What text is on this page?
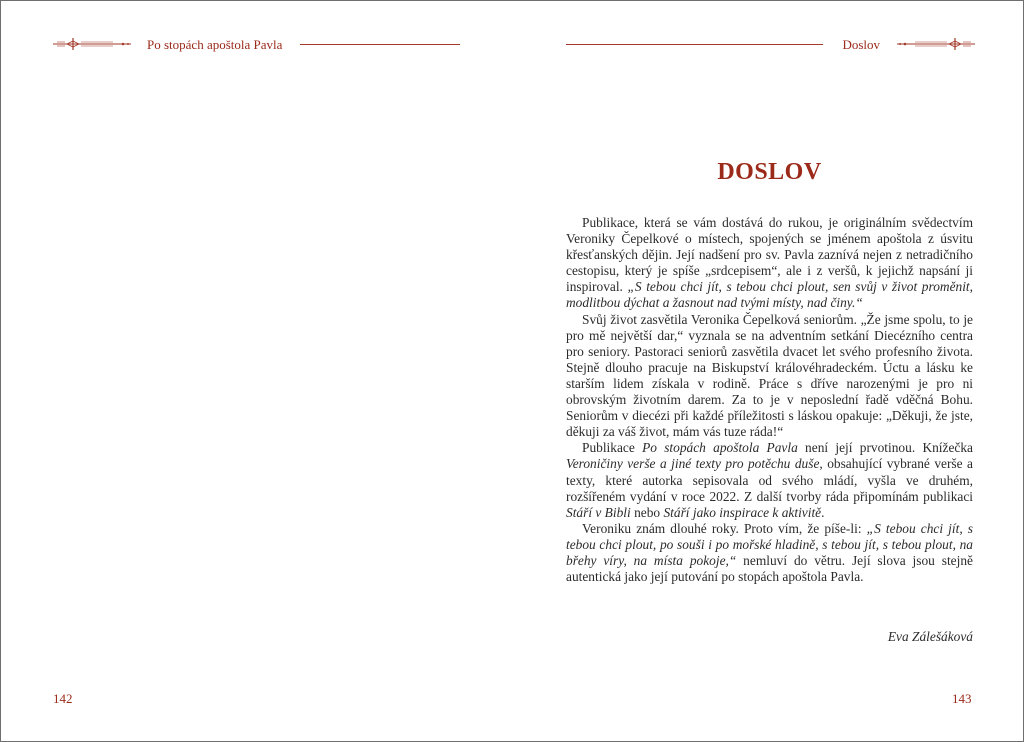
Po stopách apoštola Pavla
142
Doslov
DOSLOV

Publikace, která se vám dostává do rukou, je originálním svědectvím Veroniky Čepelkové o místech, spojených se jménem apoštola z úsvitu křesťanských dějin. Její nadšení pro sv. Pavla zaznívá nejen z netradičního cestopisu, který je spíše „srdcepisem“, ale i z veršů, k jejichž napsání ji inspiroval. „S tebou chci jít, s tebou chci plout, sen svůj v život proměnit, modlitbou dýchat a žasnout nad tvými místy, nad činy.“

Svůj život zasvětila Veronika Čepelková seniorům. „Že jsme spolu, to je pro mě největší dar,“ vyznala se na adventním setkání Diecézního centra pro seniory. Pastoraci seniorů zasvětila dvacet let svého profesního života. Stejně dlouho pracuje na Biskupství královéhradeckém. Úctu a lásku ke starším lidem získala v rodině. Práce s dříve narozenými je pro ni obrovským životním darem. Za to je v neposlední řadě vděčná Bohu. Seniorům v diecézi při každé příležitosti s láskou opakuje: „Děkuji, že jste, děkuji za váš život, mám vás tuze ráda!“

Publikace Po stopách apoštola Pavla není její prvotinou. Knížečka Veroničiny verše a jiné texty pro potěchu duše, obsahující vybrané verše a texty, které autorka sepisovala od svého mládí, vyšla ve druhém, rozšířeném vydání v roce 2022. Z další tvorby ráda připomínám publikaci Stáří v Bibli nebo Stáří jako inspirace k aktivitě.

Veroniku znám dlouhé roky. Proto vím, že píše-li: „S tebou chci jít, s tebou chci plout, po souši i po mořské hladině, s tebou jít, s tebou plout, na břehy víry, na místa pokoje,“ nemluví do větru. Její slova jsou stejně autentická jako její putování po stopách apoštola Pavla.

Eva Zálešáková
143
